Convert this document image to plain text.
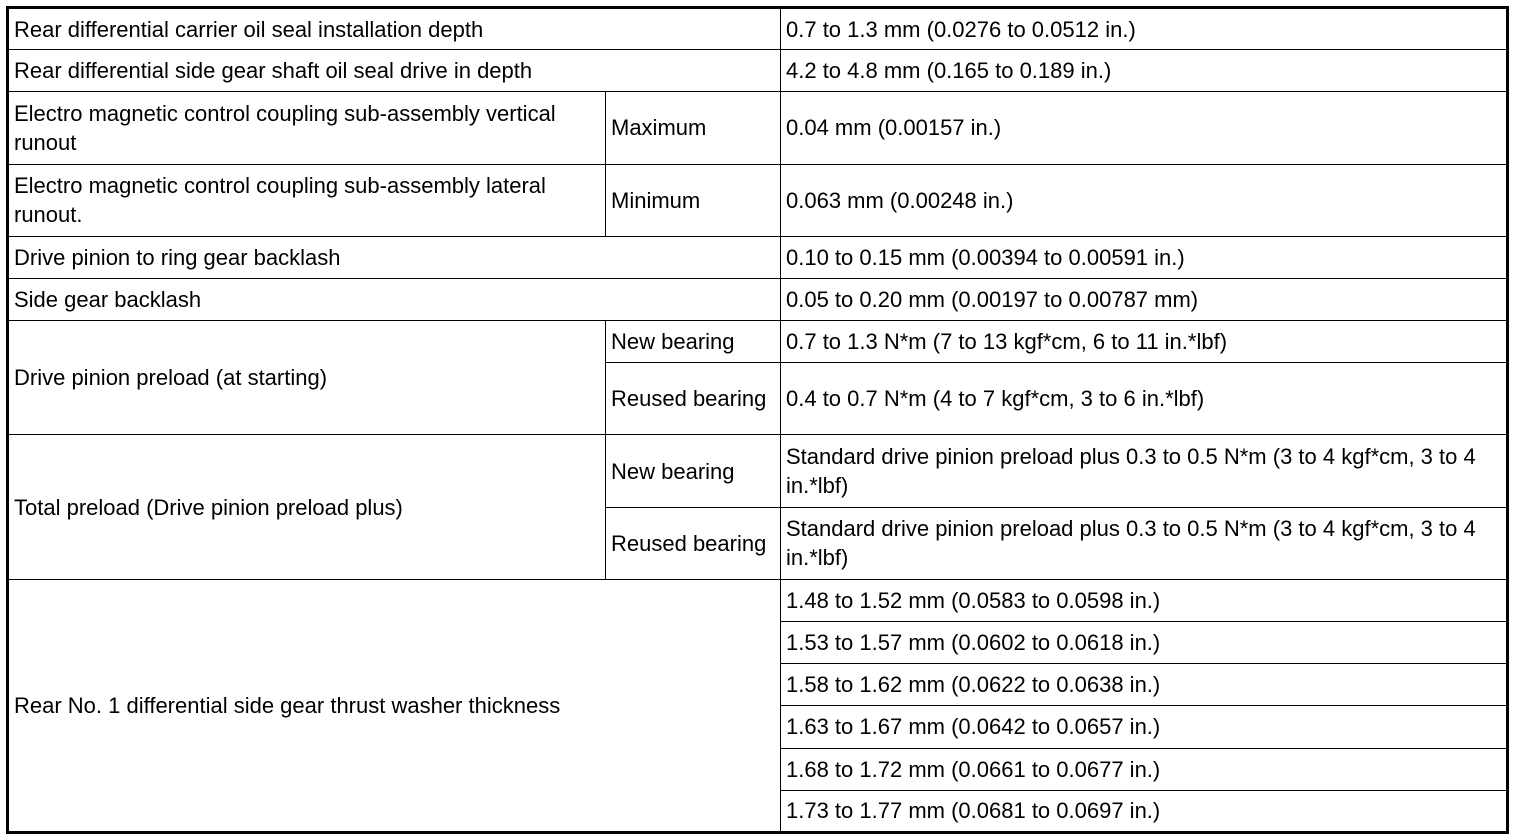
Rear differential carrier oil seal installation depth		0.7 to 1.3 mm (0.0276 to 0.0512 in.)
Rear differential side gear shaft oil seal drive in depth		4.2 to 4.8 mm (0.165 to 0.189 in.)
Electro magnetic control coupling sub-assembly vertical runout	Maximum	0.04 mm (0.00157 in.)
Electro magnetic control coupling sub-assembly lateral runout.	Minimum	0.063 mm (0.00248 in.)
Drive pinion to ring gear backlash		0.10 to 0.15 mm (0.00394 to 0.00591 in.)
Side gear backlash		0.05 to 0.20 mm (0.00197 to 0.00787 mm)
Drive pinion preload (at starting)	New bearing	0.7 to 1.3 N*m (7 to 13 kgf*cm, 6 to 11 in.*lbf)
	Reused bearing	0.4 to 0.7 N*m (4 to 7 kgf*cm, 3 to 6 in.*lbf)
Total preload (Drive pinion preload plus)	New bearing	Standard drive pinion preload plus 0.3 to 0.5 N*m (3 to 4 kgf*cm, 3 to 4 in.*lbf)
	Reused bearing	Standard drive pinion preload plus 0.3 to 0.5 N*m (3 to 4 kgf*cm, 3 to 4 in.*lbf)
Rear No. 1 differential side gear thrust washer thickness		1.48 to 1.52 mm (0.0583 to 0.0598 in.)
		1.53 to 1.57 mm (0.0602 to 0.0618 in.)
		1.58 to 1.62 mm (0.0622 to 0.0638 in.)
		1.63 to 1.67 mm (0.0642 to 0.0657 in.)
		1.68 to 1.72 mm (0.0661 to 0.0677 in.)
		1.73 to 1.77 mm (0.0681 to 0.0697 in.)
